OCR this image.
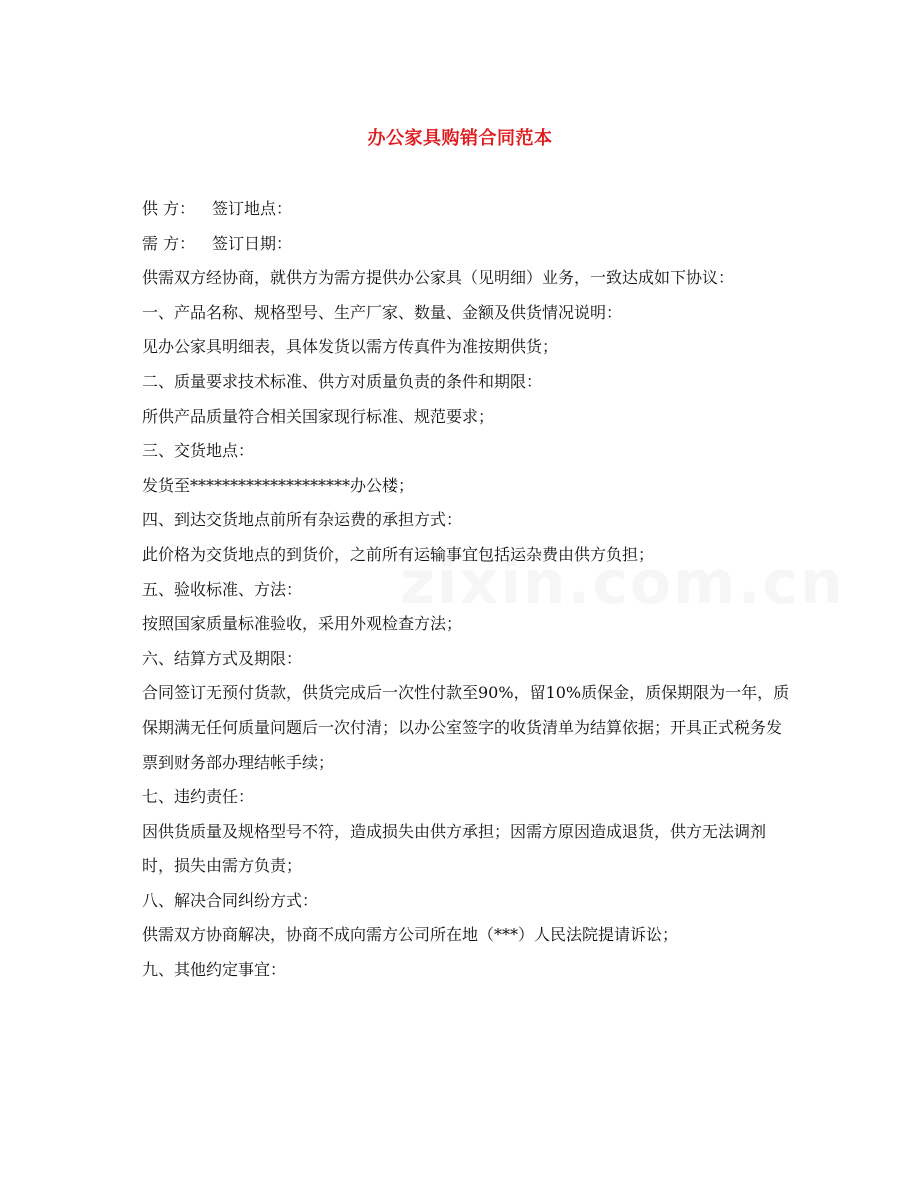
办公家具购销合同范本

供 方： 签订地点：

需 方： 签订日期：

供需双方经协商，就供方为需方提供办公家具（见明细）业务，一致达成如下协议：

一、产品名称、规格型号、生产厂家、数量、金额及供货情况说明：

见办公家具明细表，具体发货以需方传真件为准按期供货；

二、质量要求技术标准、供方对质量负责的条件和期限：

所供产品质量符合相关国家现行标准、规范要求；

三、交货地点：

发货至********************办公楼；

四、到达交货地点前所有杂运费的承担方式：

此价格为交货地点的到货价，之前所有运输事宜包括运杂费由供方负担；

五、验收标准、方法：

按照国家质量标准验收，采用外观检查方法；

六、结算方式及期限：

合同签订无预付货款，供货完成后一次性付款至90%，留10%质保金，质保期限为一年，质保期满无任何质量问题后一次付清；以办公室签字的收货清单为结算依据；开具正式税务发票到财务部办理结帐手续；

七、违约责任：

因供货质量及规格型号不符，造成损失由供方承担；因需方原因造成退货，供方无法调剂时，损失由需方负责；

八、解决合同纠纷方式：

供需双方协商解决，协商不成向需方公司所在地（***）人民法院提请诉讼；

九、其他约定事宜：
